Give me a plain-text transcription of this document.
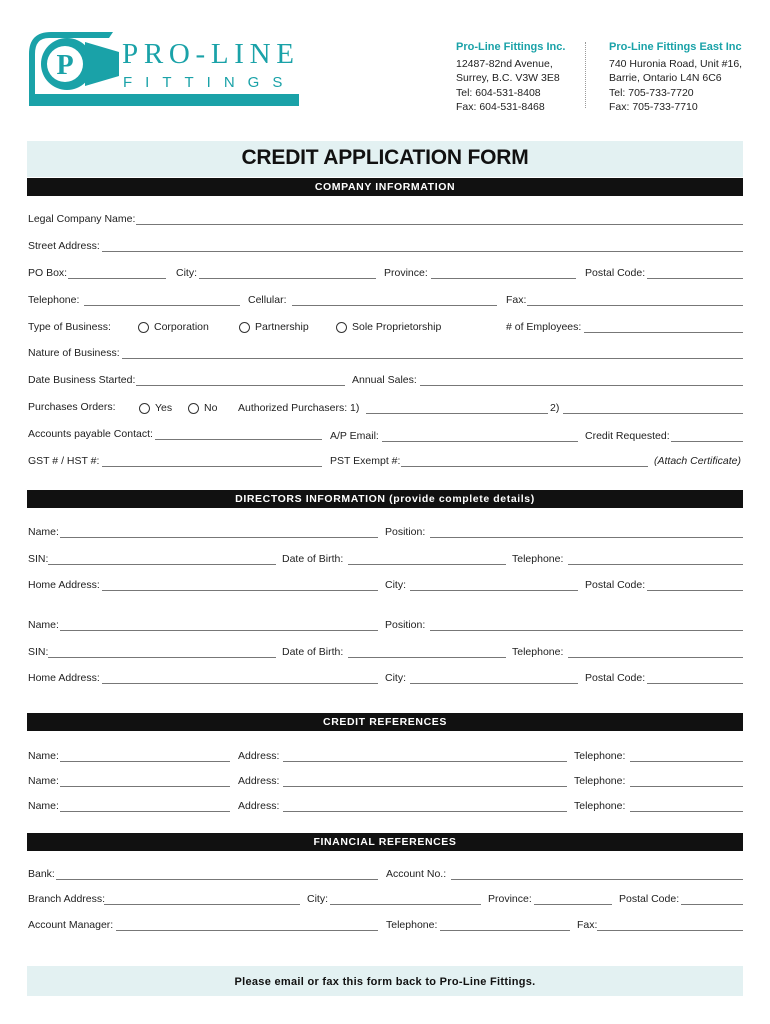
P PRO-LINE
FITTINGS
Pro-Line Fittings Inc.
12487-82nd Avenue,
Surrey, B.C. V3W 3E8
Tel: 604-531-8408
Fax: 604-531-8468
Pro-Line Fittings East Inc
740 Huronia Road, Unit #16,
Barrie, Ontario L4N 6C6
Tel: 705-733-7720
Fax: 705-733-7710
CREDIT APPLICATION FORM
COMPANY INFORMATION
Legal Company Name:
Street Address:
PO Box:	City:	Province:	Postal Code:
Telephone:	Cellular:	Fax:
Type of Business:	Corporation	Partnership	Sole Proprietorship	# of Employees:
Nature of Business:
Date Business Started:	Annual Sales:
Purchases Orders:	Yes	No Authorized Purchasers: 1)	2)
Accounts payable Contact:	A/P Email:	Credit Requested:
GST # / HST #:	PST Exempt #:	(Attach Certificate)
DIRECTORS INFORMATION (provide complete details)
Name:	Position:
SIN:	Date of Birth:	Telephone:
Home Address:	City:	Postal Code:
Name:	Position:
SIN:	Date of Birth:	Telephone:
Home Address:	City:	Postal Code:
CREDIT REFERENCES
Name:	Address:	Telephone:
Name:	Address:	Telephone:
Name:	Address:	Telephone:
FINANCIAL REFERENCES
Bank:	Account No.:
Branch Address:	City:	Province:	Postal Code:
Account Manager:	Telephone:	Fax:
Please email or fax this form back to Pro-Line Fittings.
